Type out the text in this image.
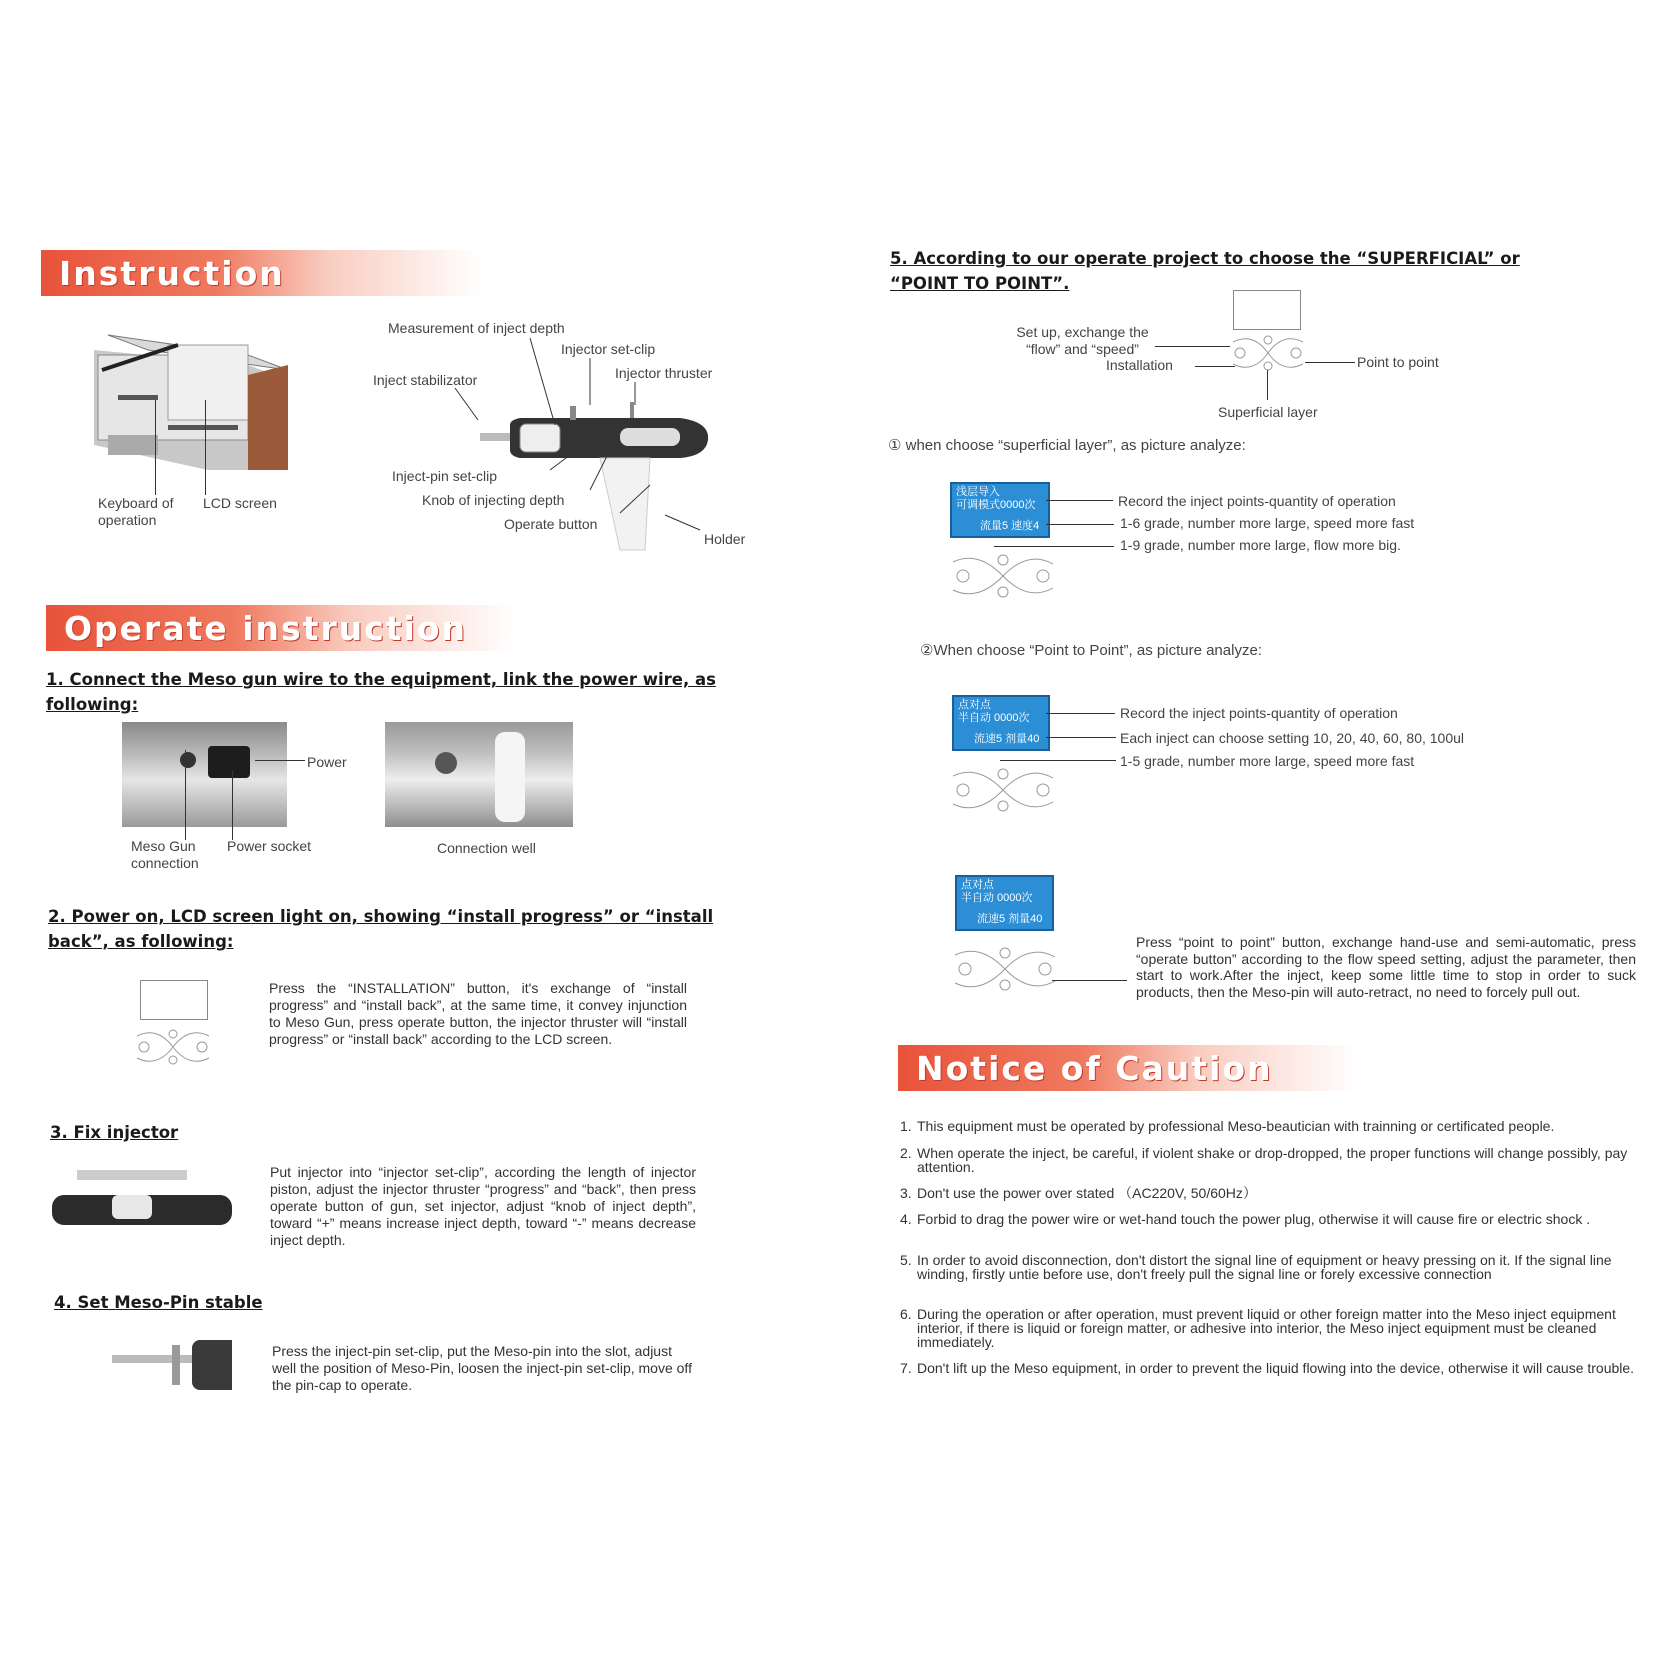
Instruction
Keyboard of operation
LCD screen
Measurement of inject depth
Injector set-clip
Injector thruster
Inject stabilizator
Inject-pin set-clip
Knob of injecting depth
Operate button
Holder
Operate instruction
1. Connect the Meso gun wire to the equipment, link the power wire, as following:
Power
Meso Gun connection
Power socket	Connection well
2. Power on, LCD screen light on, showing “install progress” or “install back”, as following:
Press the “INSTALLATION” button, it's exchange of “install progress” and “install back”, at the same time, it convey injunction to Meso Gun, press operate button, the injector thruster will “install progress” or “install back” according to the LCD screen.
3. Fix injector
Put injector into “injector set-clip”, according the length of injector piston, adjust the injector thruster “progress” and “back”, then press operate button of gun, set injector, adjust “knob of inject depth”, toward “+” means increase inject depth, toward “-” means decrease inject depth.
4. Set Meso-Pin stable
Press the inject-pin set-clip, put the Meso-pin into the slot, adjust well the position of Meso-Pin, loosen the inject-pin set-clip, move off the pin-cap to operate.
5. According to our operate project to choose the “SUPERFICIAL” or “POINT TO POINT”.
Set up, exchange the “flow” and “speed”
Installation	Point to point
Superficial layer
① when choose “superficial layer”, as picture analyze:
浅层导入
可调模式0000次
流量5 速度4
Record the inject points-quantity of operation
1-6 grade, number more large, speed more fast
1-9 grade, number more large, flow more big.
②When choose “Point to Point”, as picture analyze:
点对点
半自动 0000次
流速5 剂量40
Record the inject points-quantity of operation
Each inject can choose setting 10, 20, 40, 60, 80, 100ul
1-5 grade, number more large, speed more fast
点对点
半自动 0000次
流速5 剂量40
Press “point to point” button, exchange hand-use and semi-automatic, press “operate button” according to the flow speed setting, adjust the parameter, then start to work.After the inject, keep some little time to stop in order to suck products, then the Meso-pin will auto-retract, no need to forcely pull out.
Notice of Caution
1. This equipment must be operated by professional Meso-beautician with trainning or certificated people.
2. When operate the inject, be careful, if violent shake or drop-dropped, the proper functions will change possibly, pay attention.
3. Don't use the power over stated （AC220V, 50/60Hz）
4. Forbid to drag the power wire or wet-hand touch the power plug, otherwise it will cause fire or electric shock .
5. In order to avoid disconnection, don't distort the signal line of equipment or heavy pressing on it. If the signal line winding, firstly untie before use, don't freely pull the signal line or forely excessive connection
6. During the operation or after operation, must prevent liquid or other foreign matter into the Meso inject equipment interior, if there is liquid or foreign matter, or adhesive into interior, the Meso inject equipment must be cleaned immediately.
7. Don't lift up the Meso equipment, in order to prevent the liquid flowing into the device, otherwise it will cause trouble.
